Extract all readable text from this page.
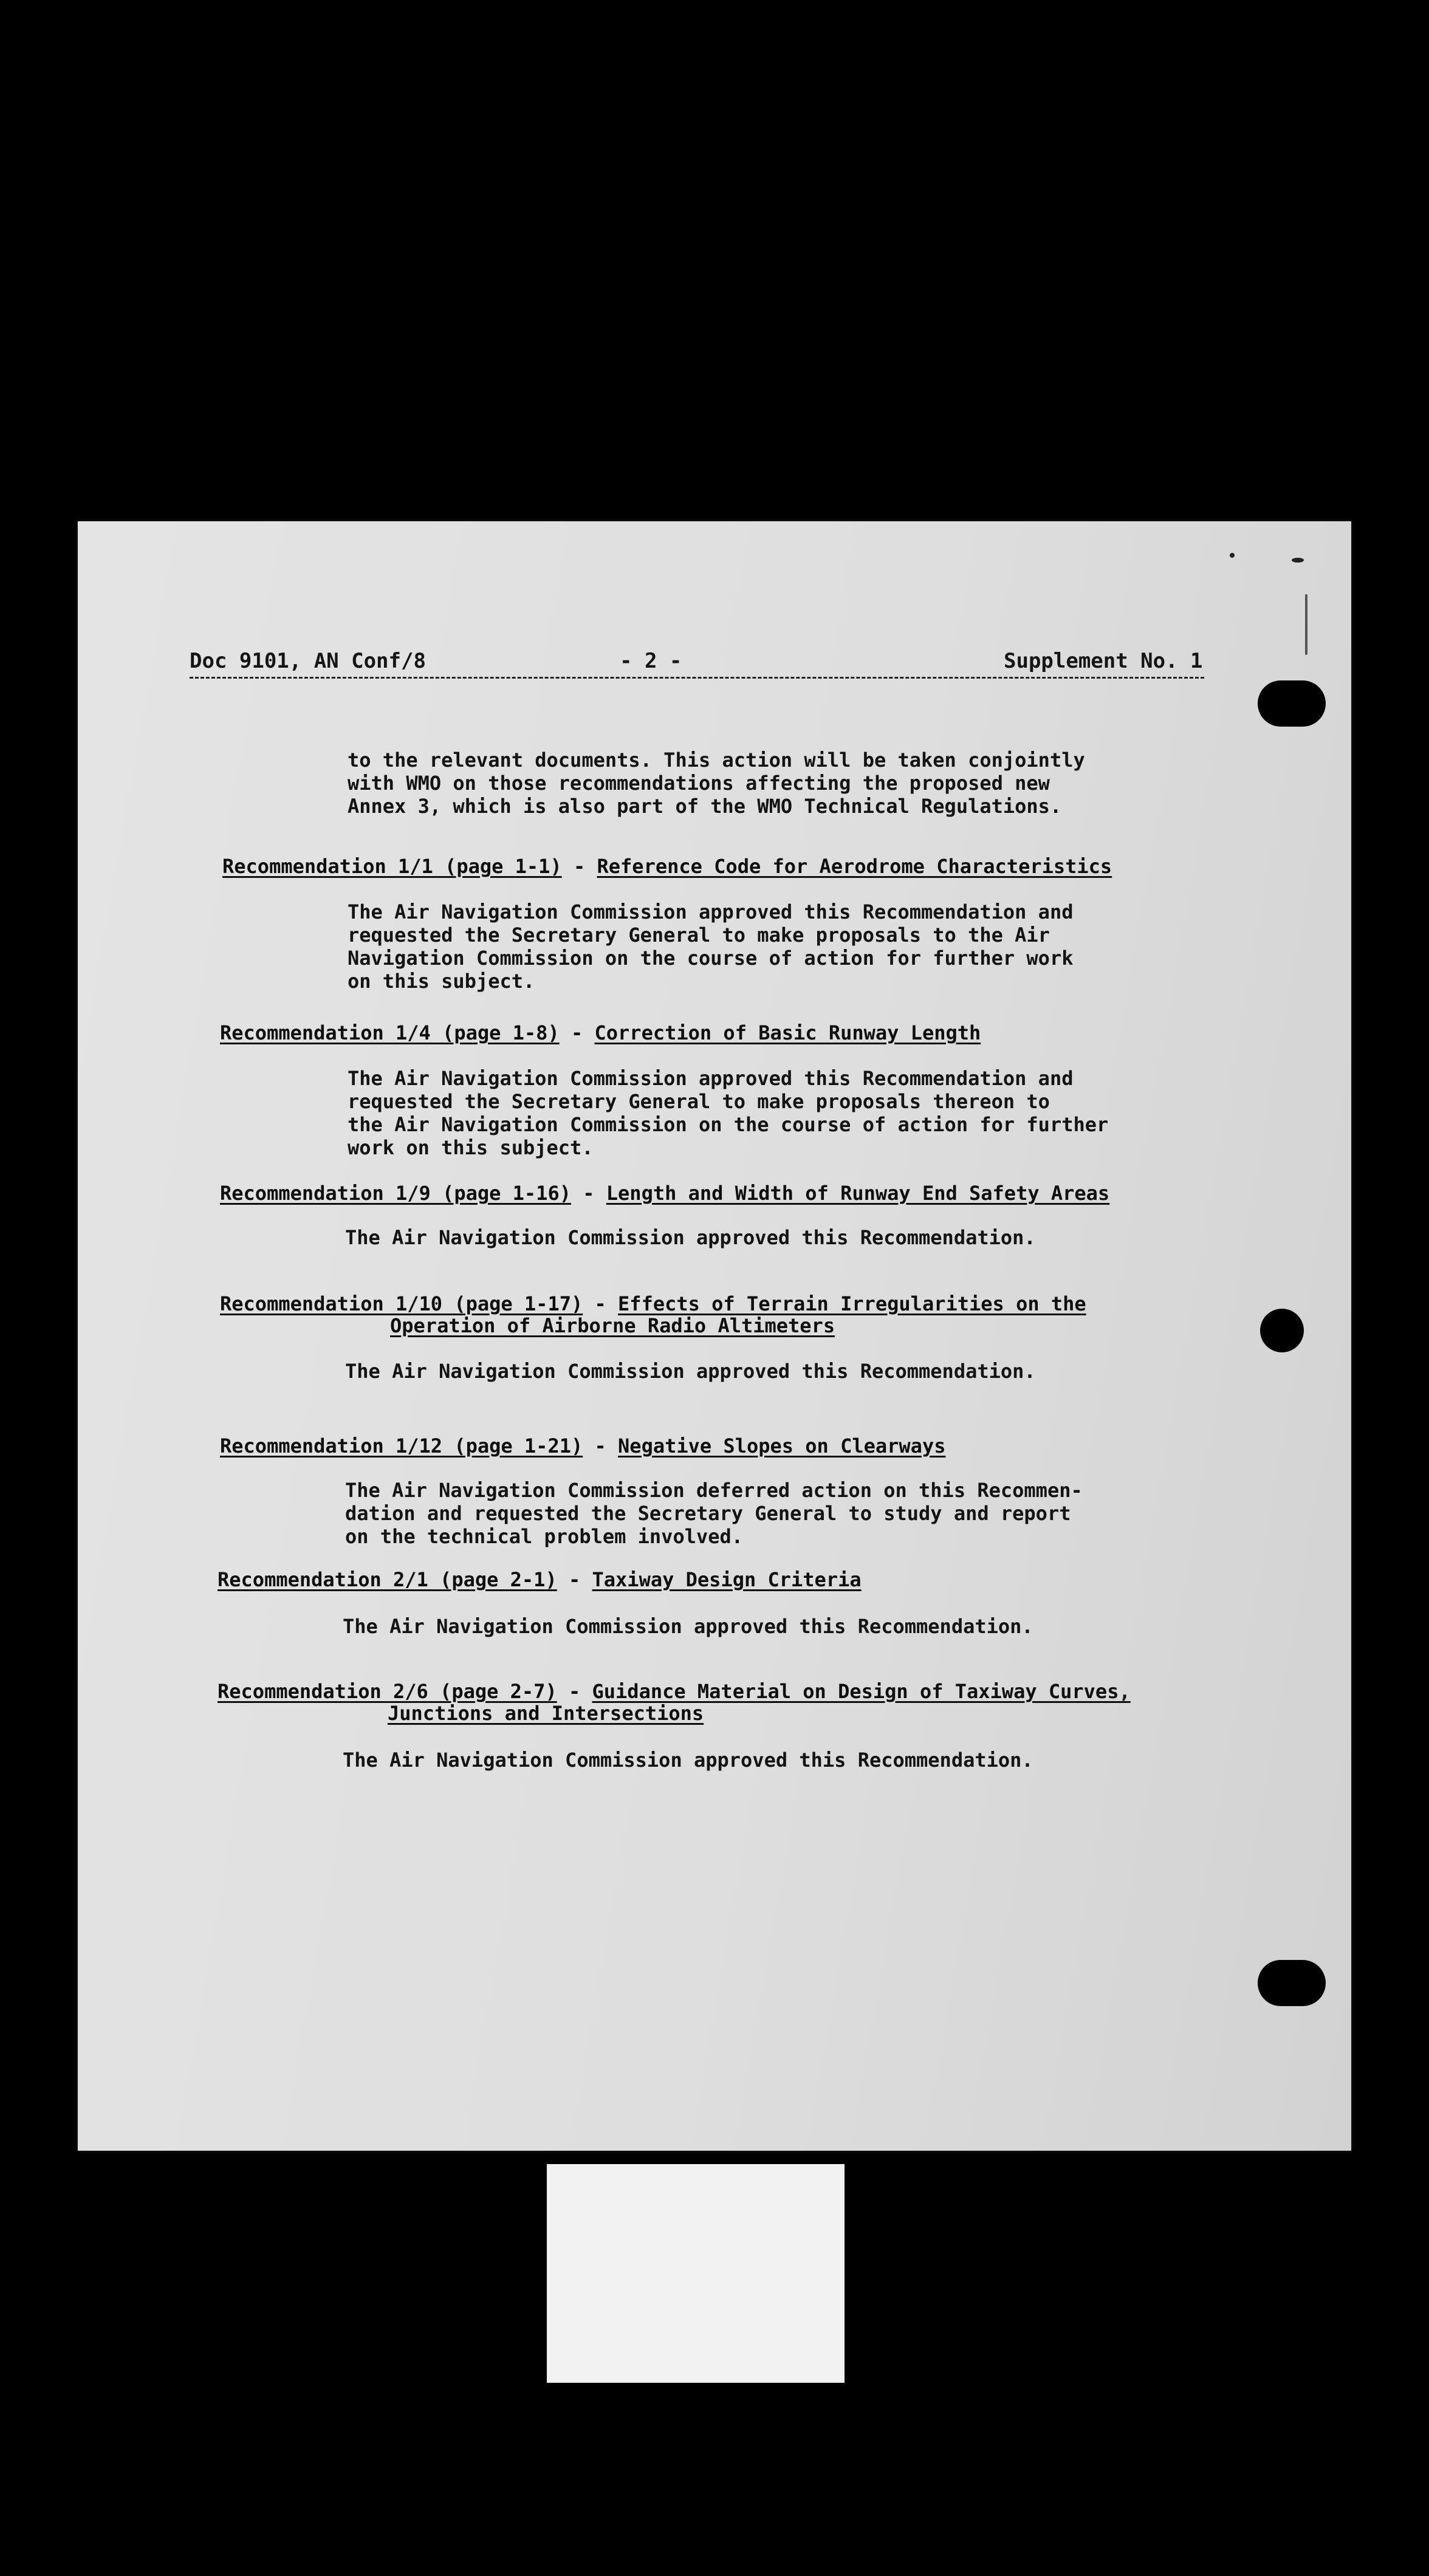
Doc 9101, AN Conf/8	- 2 -	Supplement No. 1
to the relevant documents. This action will be taken conjointly
with WMO on those recommendations affecting the proposed new
Annex 3, which is also part of the WMO Technical Regulations.
Recommendation 1/1 (page 1-1) - Reference Code for Aerodrome Characteristics
The Air Navigation Commission approved this Recommendation and
requested the Secretary General to make proposals to the Air
Navigation Commission on the course of action for further work
on this subject.
Recommendation 1/4 (page 1-8) - Correction of Basic Runway Length
The Air Navigation Commission approved this Recommendation and
requested the Secretary General to make proposals thereon to
the Air Navigation Commission on the course of action for further
work on this subject.
Recommendation 1/9 (page 1-16) - Length and Width of Runway End Safety Areas
The Air Navigation Commission approved this Recommendation.
Recommendation 1/10 (page 1-17) - Effects of Terrain Irregularities on the
Operation of Airborne Radio Altimeters
The Air Navigation Commission approved this Recommendation.
Recommendation 1/12 (page 1-21) - Negative Slopes on Clearways
The Air Navigation Commission deferred action on this Recommen-
dation and requested the Secretary General to study and report
on the technical problem involved.
Recommendation 2/1 (page 2-1) - Taxiway Design Criteria
The Air Navigation Commission approved this Recommendation.
Recommendation 2/6 (page 2-7) - Guidance Material on Design of Taxiway Curves,
Junctions and Intersections
The Air Navigation Commission approved this Recommendation.
